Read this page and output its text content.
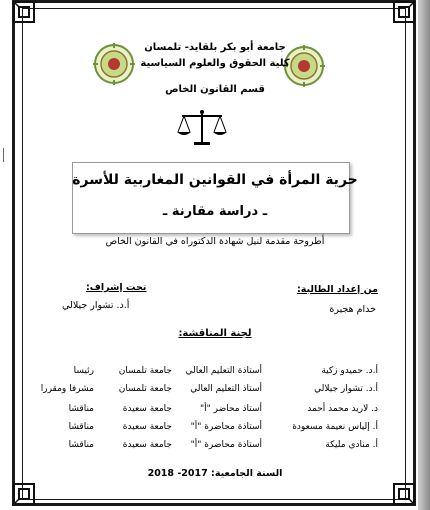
جامعة أبو بكر بلقايد- تلمسان
كلية الحقوق والعلوم السياسية
قسم القانون الخاص
حرية المرأة في القوانين المغاربية للأسرة
ـ دراسة مقارنة ـ
أطروحة مقدمة لنيل شهادة الدكتوراه في القانون الخاص
من إعداد الطالبة:
خدام هجيرة
تحت إشراف:
أ.د. تشوار جيلالي
لجنة المناقشة:
أ.د. حميدو زكية
أستاذة التعليم العالي
جامعة تلمسان
رئيسا
أ.د. تشوار جيلالي
أستاذ التعليم العالي
جامعة تلمسان
مشرفا ومقررا
د. لاريد محمد أحمد
أستاذ محاضر "أ"
جامعة سعيدة
مناقشا
أ. إلياس نعيمة مسعودة
أستاذة محاضرة "أ"
جامعة سعيدة
مناقشا
أ. منادي مليكة
أستاذة محاضرة "أ"
جامعة سعيدة
مناقشا
السنة الجامعية: 2017- 2018
